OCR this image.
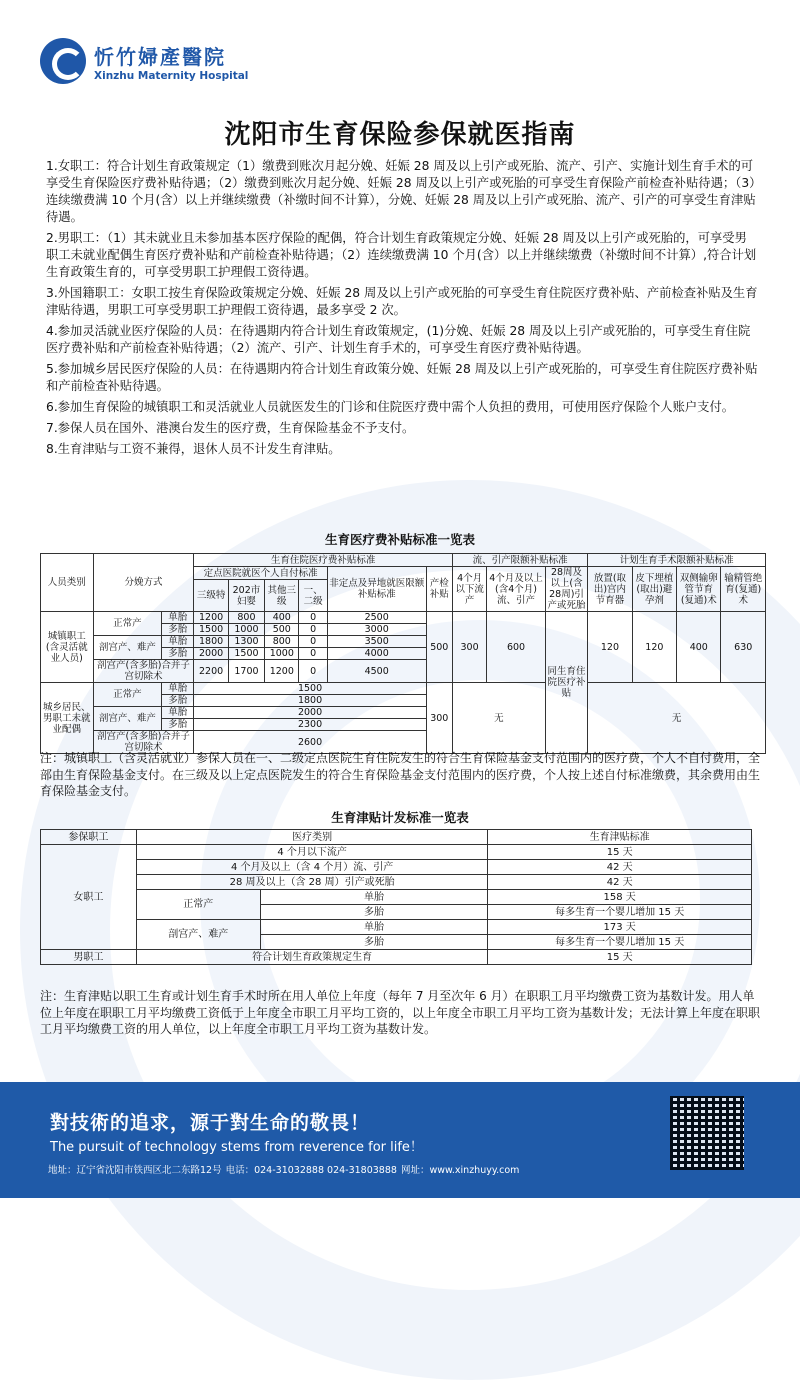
忻竹婦產醫院
Xinzhu Maternity Hospital
沈阳市生育保险参保就医指南

1.女职工：符合计划生育政策规定（1）缴费到账次月起分娩、妊娠 28 周及以上引产或死胎、流产、引产、实施计划生育手术的可享受生育保险医疗费补贴待遇；（2）缴费到账次月起分娩、妊娠 28 周及以上引产或死胎的可享受生育保险产前检查补贴待遇；（3）连续缴费满 10 个月(含）以上并继续缴费（补缴时间不计算），分娩、妊娠 28 周及以上引产或死胎、流产、引产的可享受生育津贴待遇。

2.男职工：（1）其未就业且未参加基本医疗保险的配偶，符合计划生育政策规定分娩、妊娠 28 周及以上引产或死胎的，可享受男职工未就业配偶生育医疗费补贴和产前检查补贴待遇；（2）连续缴费满 10 个月(含）以上并继续缴费（补缴时间不计算）,符合计划生育政策生育的，可享受男职工护理假工资待遇。

3.外国籍职工：女职工按生育保险政策规定分娩、妊娠 28 周及以上引产或死胎的可享受生育住院医疗费补贴、产前检查补贴及生育津贴待遇，男职工可享受男职工护理假工资待遇，最多享受 2 次。

4.参加灵活就业医疗保险的人员：在待遇期内符合计划生育政策规定，(1)分娩、妊娠 28 周及以上引产或死胎的，可享受生育住院医疗费补贴和产前检查补贴待遇；（2）流产、引产、计划生育手术的，可享受生育医疗费补贴待遇。

5.参加城乡居民医疗保险的人员：在待遇期内符合计划生育政策分娩、妊娠 28 周及以上引产或死胎的，可享受生育住院医疗费补贴和产前检查补贴待遇。

6.参加生育保险的城镇职工和灵活就业人员就医发生的门诊和住院医疗费中需个人负担的费用，可使用医疗保险个人账户支付。

7.参保人员在国外、港澳台发生的医疗费，生育保险基金不予支付。

8.生育津贴与工资不兼得，退休人员不计发生育津贴。

生育医疗费补贴标准一览表
人员类别	分娩方式		生育住院医疗费补贴标准						流、引产限额补贴标准			计划生育手术限额补贴标准			
			定点医院就医个人自付标准				非定点及异地就医限额补贴标准	产检补贴	4个月以下流产	4个月及以上(含4个月)流、引产	28周及以上(含28周)引产或死胎	放置(取出)宫内节育器	皮下埋植(取出)避孕剂	双侧输卵管节育(复通)术	输精管绝育(复通)术
			三级特	202市妇婴	其他三级	一、二级									

城镇职工(含灵活就业人员)	正常产	单胎	1200	800	400	0	2500	500	300	600	同生育住院医疗补贴	120	120	400	630
		多胎	1500	1000	500	0	3000								
	剖宫产、难产	单胎	1800	1300	800	0	3500								
		多胎	2000	1500	1000	0	4000								
	剖宫产(含多胎)合并子宫切除术		2200	1700	1200	0	4500								
城乡居民、男职工未就业配偶	正常产	单胎	1500					300	无			无			
		多胎	1800												
	剖宫产、难产	单胎	2000												
		多胎	2300												
	剖宫产(含多胎)合并子宫切除术		2600												
注：城镇职工（含灵活就业）参保人员在一、二级定点医院生育住院发生的符合生育保险基金支付范围内的医疗费，个人不自付费用，全部由生育保险基金支付。在三级及以上定点医院发生的符合生育保险基金支付范围内的医疗费，个人按上述自付标准缴费，其余费用由生育保险基金支付。
生育津贴计发标准一览表
参保职工	医疗类别		生育津贴标准
女职工	4 个月以下流产		15 天
	4 个月及以上（含 4 个月）流、引产		42 天
	28 周及以上（含 28 周）引产或死胎		42 天
	正常产	单胎	158 天
		多胎	每多生育一个婴儿增加 15 天
	剖宫产、难产	单胎	173 天
		多胎	每多生育一个婴儿增加 15 天
男职工	符合计划生育政策规定生育		15 天
注：生育津贴以职工生育或计划生育手术时所在用人单位上年度（每年 7 月至次年 6 月）在职职工月平均缴费工资为基数计发。用人单位上年度在职职工月平均缴费工资低于上年度全市职工月平均工资的，以上年度全市职工月平均工资为基数计发；无法计算上年度在职职工月平均缴费工资的用人单位，以上年度全市职工月平均工资为基数计发。
對技術的追求，源于對生命的敬畏！
The pursuit of technology stems from reverence for life！
地址：辽宁省沈阳市铁西区北二东路12号 电话：024-31032888 024-31803888 网址：www.xinzhuyy.com
